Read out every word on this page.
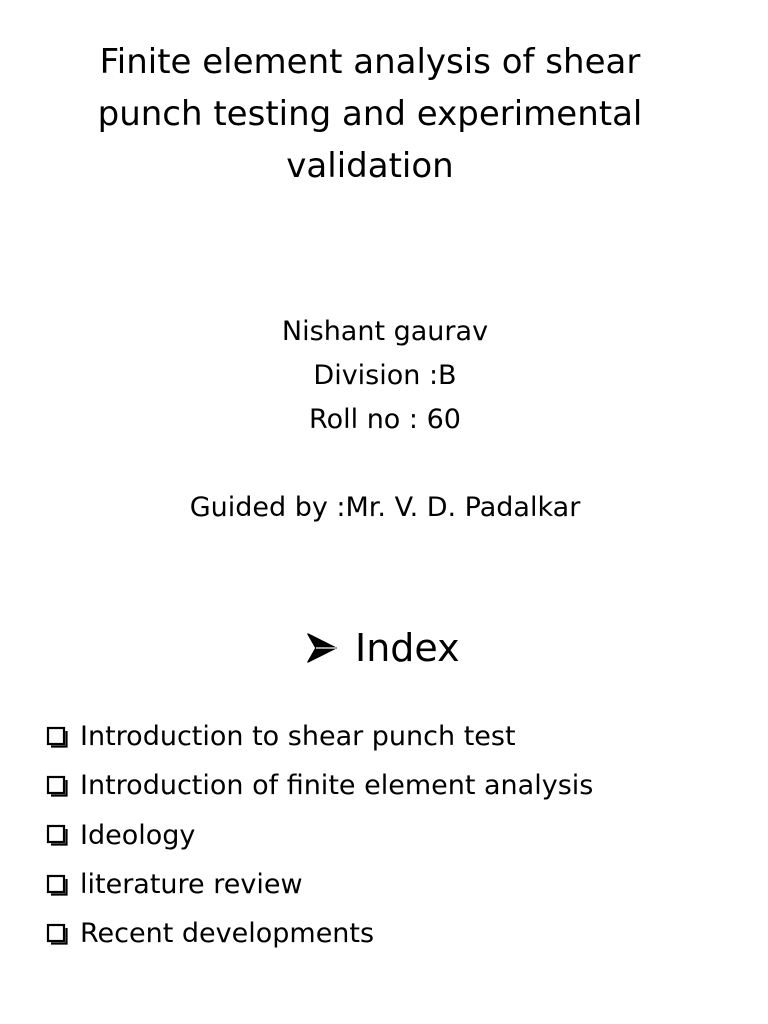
Finite element analysis of shear
punch testing and experimental
validation
Nishant gaurav
Division :B
Roll no : 60
Guided by :Mr. V. D. Padalkar
Index
Introduction to shear punch test
Introduction of finite element analysis
Ideology
literature review
Recent developments
